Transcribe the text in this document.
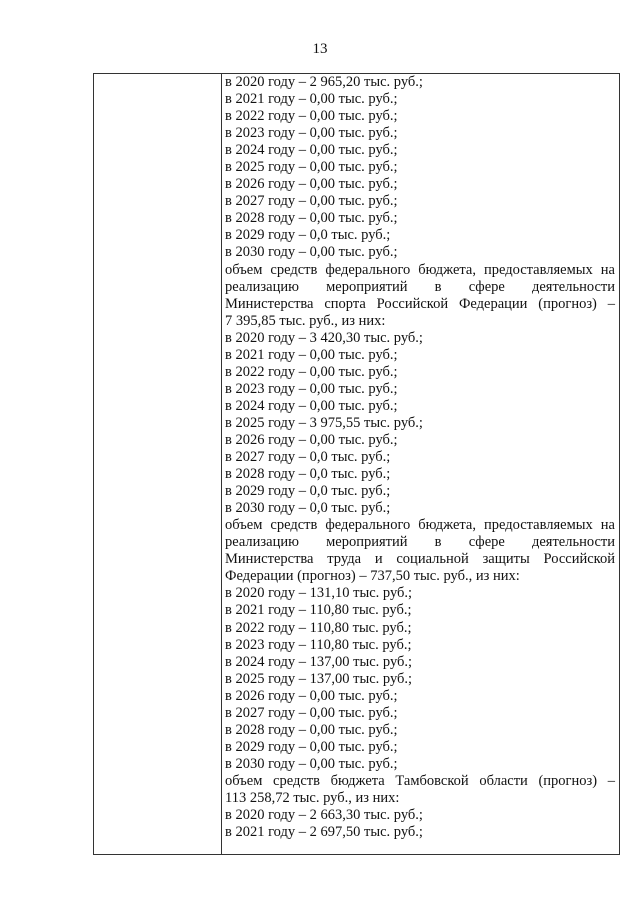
13
в 2020 году – 2 965,20 тыс. руб.;
в 2021 году – 0,00 тыс. руб.;
в 2022 году – 0,00 тыс. руб.;
в 2023 году – 0,00 тыс. руб.;
в 2024 году – 0,00 тыс. руб.;
в 2025 году – 0,00 тыс. руб.;
в 2026 году – 0,00 тыс. руб.;
в 2027 году – 0,00 тыс. руб.;
в 2028 году – 0,00 тыс. руб.;
в 2029 году – 0,0 тыс. руб.;
в 2030 году – 0,00 тыс. руб.;
объем средств федерального бюджета, предоставляемых на
реализацию мероприятий в сфере деятельности
Министерства спорта Российской Федерации (прогноз) –
7 395,85 тыс. руб., из них:
в 2020 году – 3 420,30 тыс. руб.;
в 2021 году – 0,00 тыс. руб.;
в 2022 году – 0,00 тыс. руб.;
в 2023 году – 0,00 тыс. руб.;
в 2024 году – 0,00 тыс. руб.;
в 2025 году – 3 975,55 тыс. руб.;
в 2026 году – 0,00 тыс. руб.;
в 2027 году – 0,0 тыс. руб.;
в 2028 году – 0,0 тыс. руб.;
в 2029 году – 0,0 тыс. руб.;
в 2030 году – 0,0 тыс. руб.;
объем средств федерального бюджета, предоставляемых на
реализацию мероприятий в сфере деятельности
Министерства труда и социальной защиты Российской
Федерации (прогноз) – 737,50 тыс. руб., из них:
в 2020 году – 131,10 тыс. руб.;
в 2021 году – 110,80 тыс. руб.;
в 2022 году – 110,80 тыс. руб.;
в 2023 году – 110,80 тыс. руб.;
в 2024 году – 137,00 тыс. руб.;
в 2025 году – 137,00 тыс. руб.;
в 2026 году – 0,00 тыс. руб.;
в 2027 году – 0,00 тыс. руб.;
в 2028 году – 0,00 тыс. руб.;
в 2029 году – 0,00 тыс. руб.;
в 2030 году – 0,00 тыс. руб.;
объем средств бюджета Тамбовской области (прогноз) –
113 258,72 тыс. руб., из них:
в 2020 году – 2 663,30 тыс. руб.;
в 2021 году – 2 697,50 тыс. руб.;
